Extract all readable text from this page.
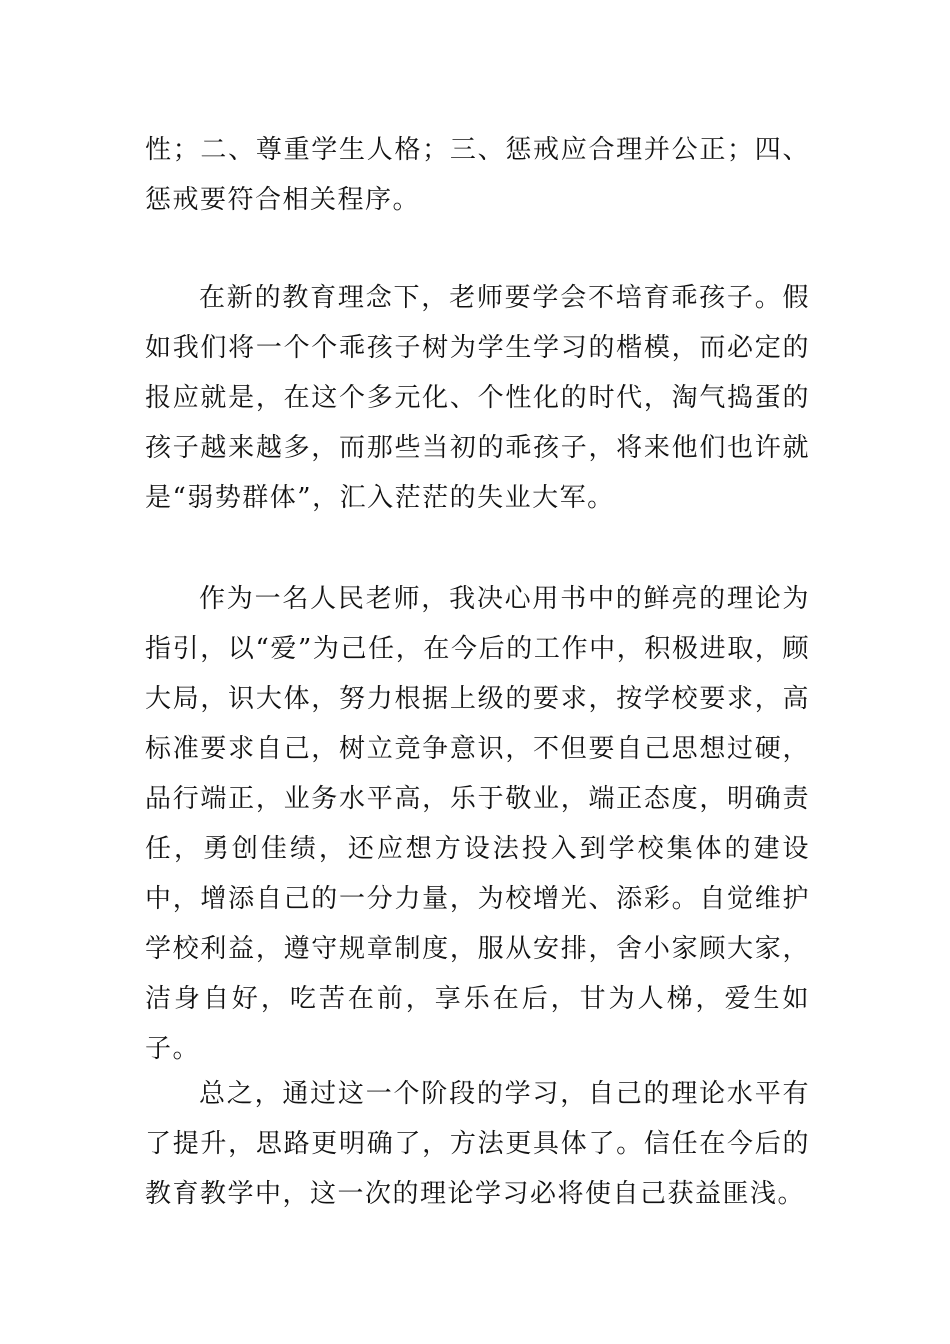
性；二、尊重学生人格；三、惩戒应合理并公正；四、惩戒要符合相关程序。

在新的教育理念下，老师要学会不培育乖孩子。假如我们将一个个乖孩子树为学生学习的楷模，而必定的报应就是，在这个多元化、个性化的时代，淘气捣蛋的孩子越来越多，而那些当初的乖孩子，将来他们也许就是“弱势群体”，汇入茫茫的失业大军。

作为一名人民老师，我决心用书中的鲜亮的理论为指引，以“爱”为己任，在今后的工作中，积极进取，顾大局，识大体，努力根据上级的要求，按学校要求，高标准要求自己，树立竞争意识，不但要自己思想过硬，品行端正，业务水平高，乐于敬业，端正态度，明确责任，勇创佳绩，还应想方设法投入到学校集体的建设中，增添自己的一分力量，为校增光、添彩。自觉维护学校利益，遵守规章制度，服从安排，舍小家顾大家，洁身自好，吃苦在前，享乐在后，甘为人梯，爱生如子。

总之，通过这一个阶段的学习，自己的理论水平有了提升，思路更明确了，方法更具体了。信任在今后的教育教学中，这一次的理论学习必将使自己获益匪浅。
